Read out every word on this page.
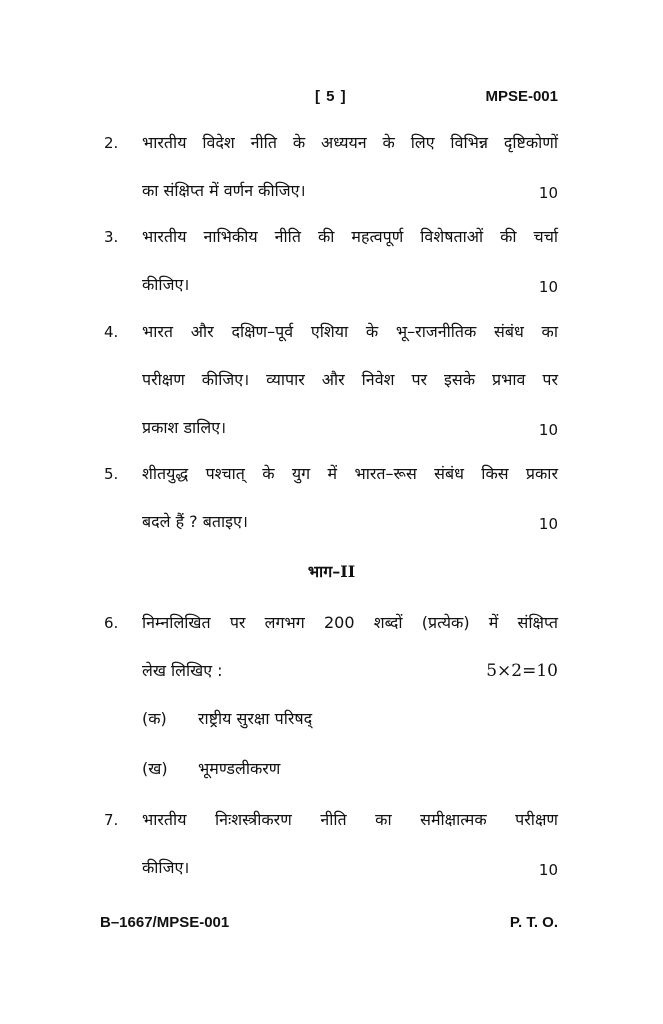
[ 5 ]	MPSE-001
2. भारतीय विदेश नीति के अध्ययन के लिए विभिन्न दृष्टिकोणों
का संक्षिप्त में वर्णन कीजिए।	10
3. भारतीय नाभिकीय नीति की महत्वपूर्ण विशेषताओं की चर्चा
कीजिए।	10
4. भारत और दक्षिण–पूर्व एशिया के भू–राजनीतिक संबंध का
परीक्षण कीजिए। व्यापार और निवेश पर इसके प्रभाव पर
प्रकाश डालिए।	10
5. शीतयुद्ध पश्चात् के युग में भारत–रूस संबंध किस प्रकार
बदले हैं ? बताइए।	10
भाग–II
6. निम्नलिखित पर लगभग 200 शब्दों (प्रत्येक) में संक्षिप्त
लेख लिखिए :	5×2=10
(क) राष्ट्रीय सुरक्षा परिषद्
(ख) भूमण्डलीकरण
7. भारतीय निःशस्त्रीकरण नीति का समीक्षात्मक परीक्षण
कीजिए।	10
B–1667/MPSE-001	P. T. O.
